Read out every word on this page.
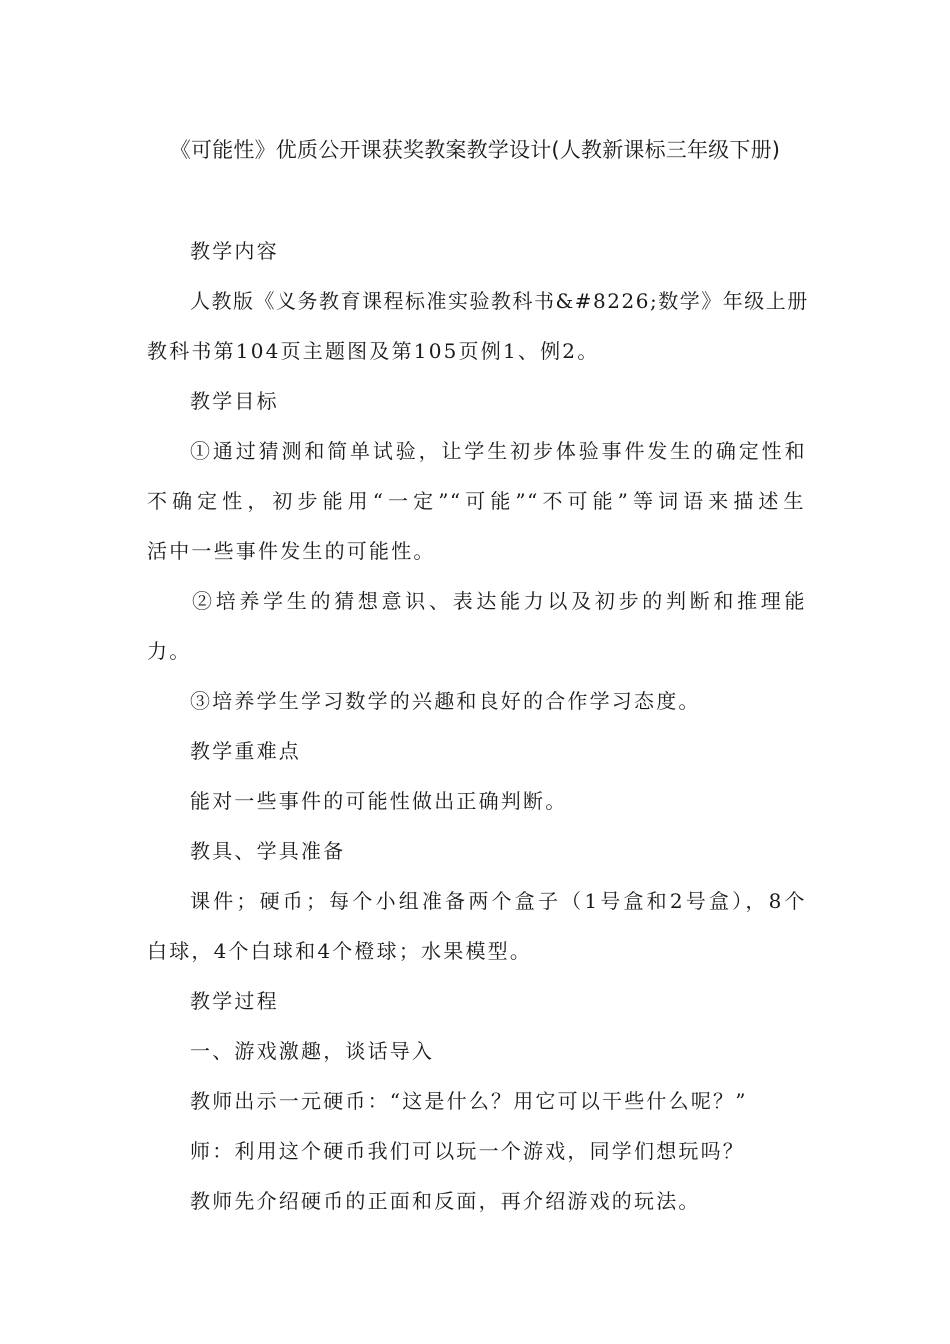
《可能性》优质公开课获奖教案教学设计(人教新课标三年级下册)
教学内容
人教版《义务教育课程标准实验教科书&#8226;数学》年级上册
教科书第104页主题图及第105页例1、例2。
教学目标
①通过猜测和简单试验，让学生初步体验事件发生的确定性和
不确定性，初步能用“一定”“可能”“不可能”等词语来描述生
活中一些事件发生的可能性。
②培养学生的猜想意识、表达能力以及初步的判断和推理能
力。
③培养学生学习数学的兴趣和良好的合作学习态度。
教学重难点
能对一些事件的可能性做出正确判断。
教具、学具准备
课件；硬币；每个小组准备两个盒子（1号盒和2号盒），8个
白球，4个白球和4个橙球；水果模型。
教学过程
一、游戏激趣，谈话导入
教师出示一元硬币：“这是什么？用它可以干些什么呢？”
师：利用这个硬币我们可以玩一个游戏，同学们想玩吗？
教师先介绍硬币的正面和反面，再介绍游戏的玩法。
